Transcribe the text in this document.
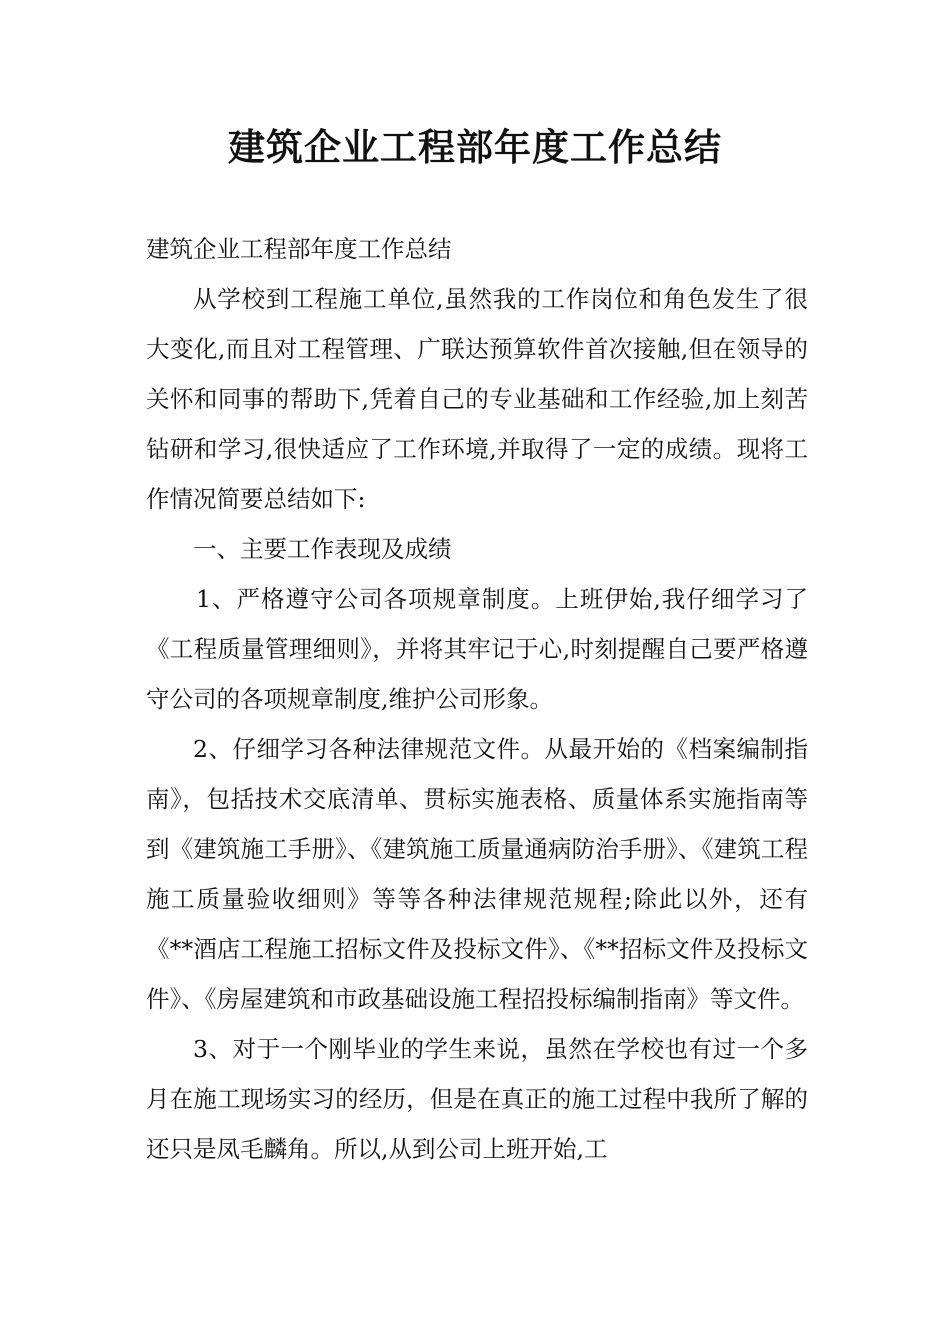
建筑企业工程部年度工作总结

建筑企业工程部年度工作总结

从学校到工程施工单位,虽然我的工作岗位和角色发生了很大变化,而且对工程管理、广联达预算软件首次接触,但在领导的关怀和同事的帮助下,凭着自己的专业基础和工作经验,加上刻苦钻研和学习,很快适应了工作环境,并取得了一定的成绩。现将工作情况简要总结如下:

一、主要工作表现及成绩

1、严格遵守公司各项规章制度。上班伊始,我仔细学习了《工程质量管理细则》，并将其牢记于心,时刻提醒自己要严格遵守公司的各项规章制度,维护公司形象。

2、仔细学习各种法律规范文件。从最开始的《档案编制指南》，包括技术交底清单、贯标实施表格、质量体系实施指南等到《建筑施工手册》、《建筑施工质量通病防治手册》、《建筑工程施工质量验收细则》等等各种法律规范规程;除此以外，还有《**酒店工程施工招标文件及投标文件》、《**招标文件及投标文件》、《房屋建筑和市政基础设施工程招投标编制指南》等文件。

3、对于一个刚毕业的学生来说，虽然在学校也有过一个多月在施工现场实习的经历，但是在真正的施工过程中我所了解的还只是凤毛麟角。所以,从到公司上班开始,工
